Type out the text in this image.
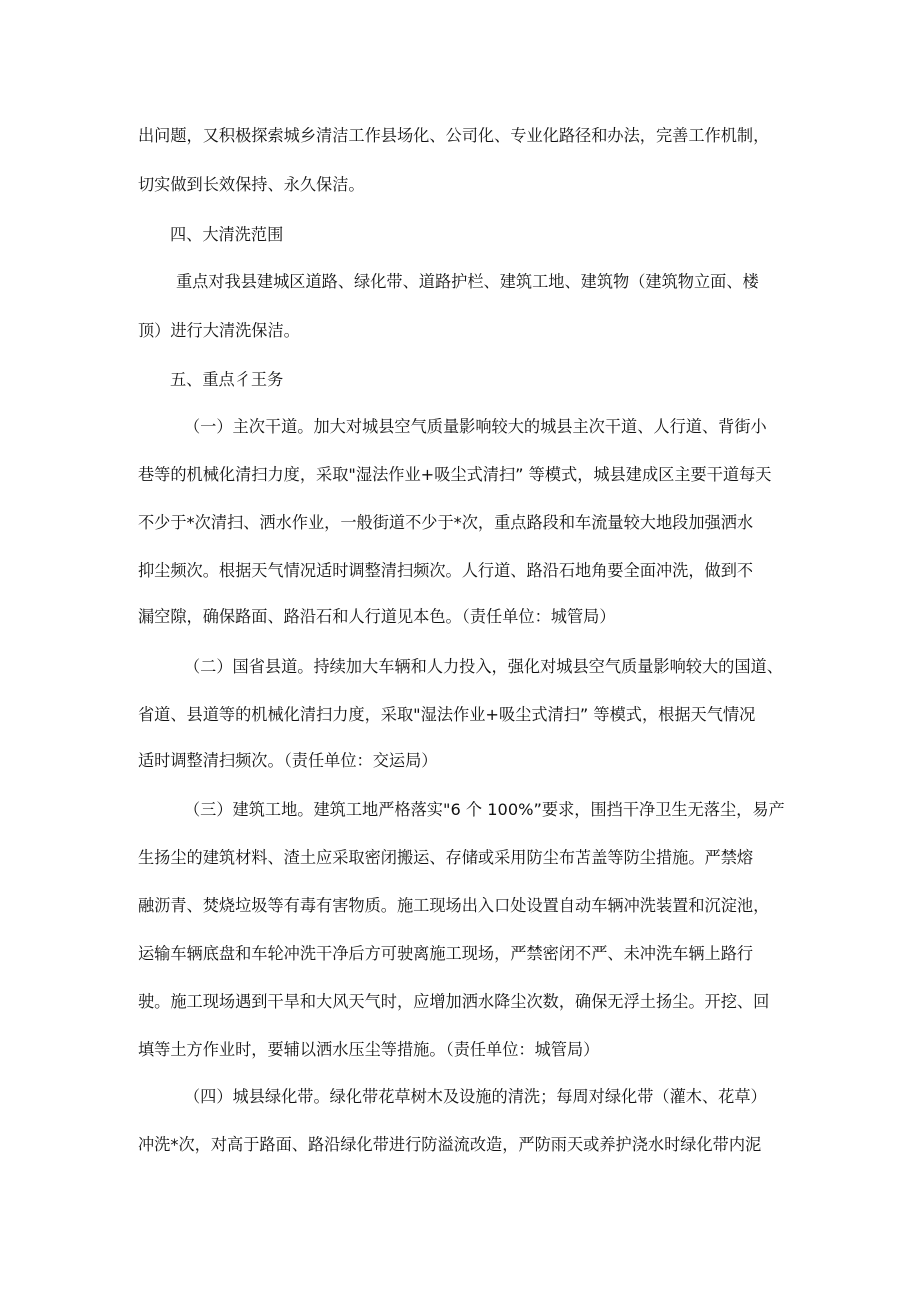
出问题，又积极探索城乡清洁工作县场化、公司化、专业化路径和办法，完善工作机制，
切实做到长效保持、永久保洁。
四、大清洗范围
重点对我县建城区道路、绿化带、道路护栏、建筑工地、建筑物（建筑物立面、楼
顶）进行大清洗保洁。
五、重点彳王务
（一）主次干道。加大对城县空气质量影响较大的城县主次干道、人行道、背街小
巷等的机械化清扫力度，采取"湿法作业+吸尘式清扫” 等模式，城县建成区主要干道每天
不少于*次清扫、洒水作业，一般街道不少于*次，重点路段和车流量较大地段加强洒水
抑尘频次。根据天气情况适时调整清扫频次。人行道、路沿石地角要全面冲洗，做到不
漏空隙，确保路面、路沿石和人行道见本色。（责任单位：城管局）
（二）国省县道。持续加大车辆和人力投入，强化对城县空气质量影响较大的国道、
省道、县道等的机械化清扫力度，采取"湿法作业+吸尘式清扫” 等模式，根据天气情况
适时调整清扫频次。（责任单位：交运局）
（三）建筑工地。建筑工地严格落实"6 个 100%”要求，围挡干净卫生无落尘，易产
生扬尘的建筑材料、渣土应采取密闭搬运、存储或采用防尘布苫盖等防尘措施。严禁熔
融沥青、焚烧垃圾等有毒有害物质。施工现场出入口处设置自动车辆冲洗装置和沉淀池，
运输车辆底盘和车轮冲洗干净后方可驶离施工现场，严禁密闭不严、未冲洗车辆上路行
驶。施工现场遇到干旱和大风天气时，应增加洒水降尘次数，确保无浮土扬尘。开挖、回
填等土方作业时，要辅以洒水压尘等措施。（责任单位：城管局）
（四）城县绿化带。绿化带花草树木及设施的清洗；每周对绿化带（灌木、花草）
冲洗*次，对高于路面、路沿绿化带进行防溢流改造，严防雨天或养护浇水时绿化带内泥
